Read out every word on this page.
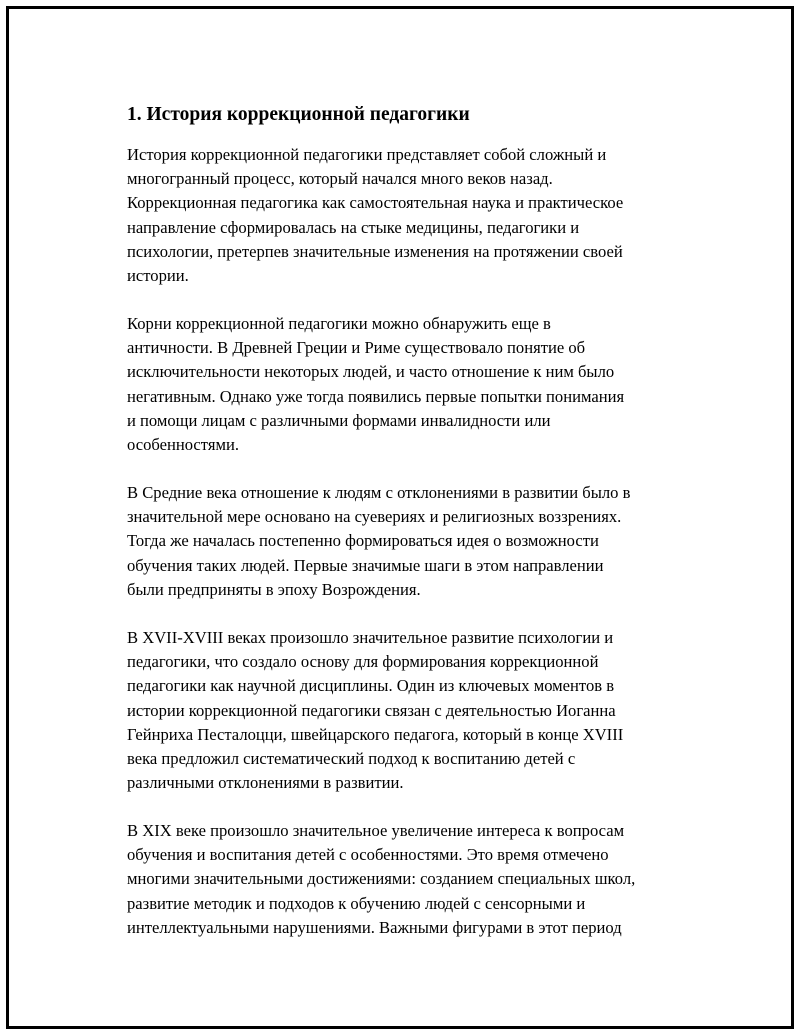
1. История коррекционной педагогики

История коррекционной педагогики представляет собой сложный и
многогранный процесс, который начался много веков назад.
Коррекционная педагогика как самостоятельная наука и практическое
направление сформировалась на стыке медицины, педагогики и
психологии, претерпев значительные изменения на протяжении своей
истории.

Корни коррекционной педагогики можно обнаружить еще в
античности. В Древней Греции и Риме существовало понятие об
исключительности некоторых людей, и часто отношение к ним было
негативным. Однако уже тогда появились первые попытки понимания
и помощи лицам с различными формами инвалидности или
особенностями.

В Средние века отношение к людям с отклонениями в развитии было в
значительной мере основано на суевериях и религиозных воззрениях.
Тогда же началась постепенно формироваться идея о возможности
обучения таких людей. Первые значимые шаги в этом направлении
были предприняты в эпоху Возрождения.

В XVII-XVIII веках произошло значительное развитие психологии и
педагогики, что создало основу для формирования коррекционной
педагогики как научной дисциплины. Один из ключевых моментов в
истории коррекционной педагогики связан с деятельностью Иоганна
Гейнриха Песталоцци, швейцарского педагога, который в конце XVIII
века предложил систематический подход к воспитанию детей с
различными отклонениями в развитии.

В XIX веке произошло значительное увеличение интереса к вопросам
обучения и воспитания детей с особенностями. Это время отмечено
многими значительными достижениями: созданием специальных школ,
развитие методик и подходов к обучению людей с сенсорными и
интеллектуальными нарушениями. Важными фигурами в этот период
